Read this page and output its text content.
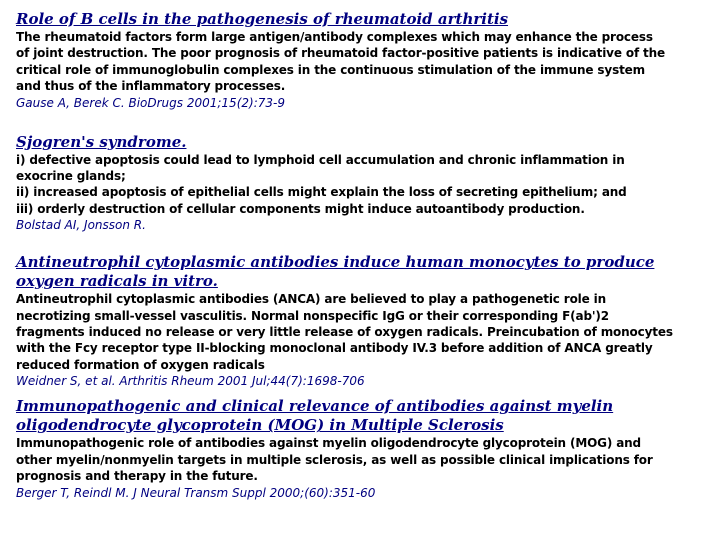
Role of B cells in the pathogenesis of rheumatoid arthritis

The rheumatoid factors form large antigen/antibody complexes which may enhance the process

of joint destruction. The poor prognosis of rheumatoid factor-positive patients is indicative of the

critical role of immunoglobulin complexes in the continuous stimulation of the immune system

and thus of the inflammatory processes.

Gause A, Berek C. BioDrugs 2001;15(2):73-9

Sjogren's syndrome.

i) defective apoptosis could lead to lymphoid cell accumulation and chronic inflammation in

exocrine glands;

ii) increased apoptosis of epithelial cells might explain the loss of secreting epithelium; and

iii) orderly destruction of cellular components might induce autoantibody production.

Bolstad AI, Jonsson R.

Antineutrophil cytoplasmic antibodies induce human monocytes to produce oxygen radicals in vitro.

Antineutrophil cytoplasmic antibodies (ANCA) are believed to play a pathogenetic role in

necrotizing small-vessel vasculitis. Normal nonspecific IgG or their corresponding F(ab')2

fragments induced no release or very little release of oxygen radicals. Preincubation of monocytes

with the Fcy receptor type II-blocking monoclonal antibody IV.3 before addition of ANCA greatly

reduced formation of oxygen radicals

Weidner S, et al. Arthritis Rheum 2001 Jul;44(7):1698-706

Immunopathogenic and clinical relevance of antibodies against myelin oligodendrocyte glycoprotein (MOG) in Multiple Sclerosis

Immunopathogenic role of antibodies against myelin oligodendrocyte glycoprotein (MOG) and

other myelin/nonmyelin targets in multiple sclerosis, as well as possible clinical implications for

prognosis and therapy in the future.

Berger T, Reindl M. J Neural Transm Suppl 2000;(60):351-60
